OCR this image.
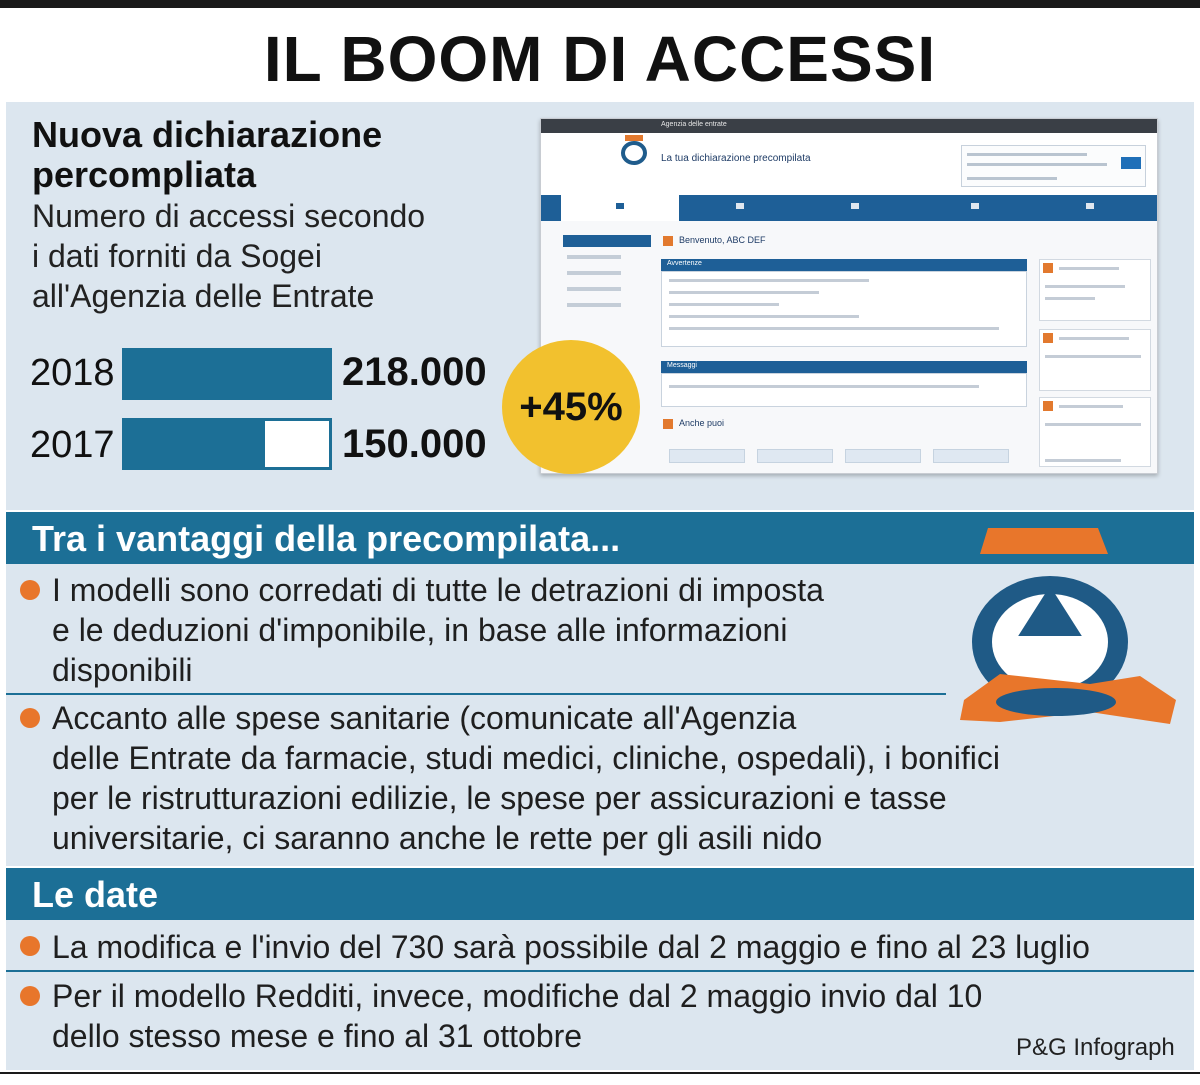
IL BOOM DI ACCESSI
Nuova dichiarazione
percompliata
Numero di accessi secondo
i dati forniti da Sogei
all'Agenzia delle Entrate
2018	218.000
2017	150.000
Agenzia delle entrate
La tua dichiarazione precompilata
Benvenuto, ABC DEF
Avvertenze
Messaggi
Anche puoi
+45%
Tra i vantaggi della precompilata...
I modelli sono corredati di tutte le detrazioni di imposta
e le deduzioni d'imponibile, in base alle informazioni
disponibili
Accanto alle spese sanitarie (comunicate all'Agenzia
delle Entrate da farmacie, studi medici, cliniche, ospedali), i bonifici
per le ristrutturazioni edilizie, le spese per assicurazioni e tasse
universitarie, ci saranno anche le rette per gli asili nido
Le date
La modifica e l'invio del 730 sarà possibile dal 2 maggio e fino al 23 luglio
Per il modello Redditi, invece, modifiche dal 2 maggio invio dal 10
dello stesso mese e fino al 31 ottobre	P&G Infograph
